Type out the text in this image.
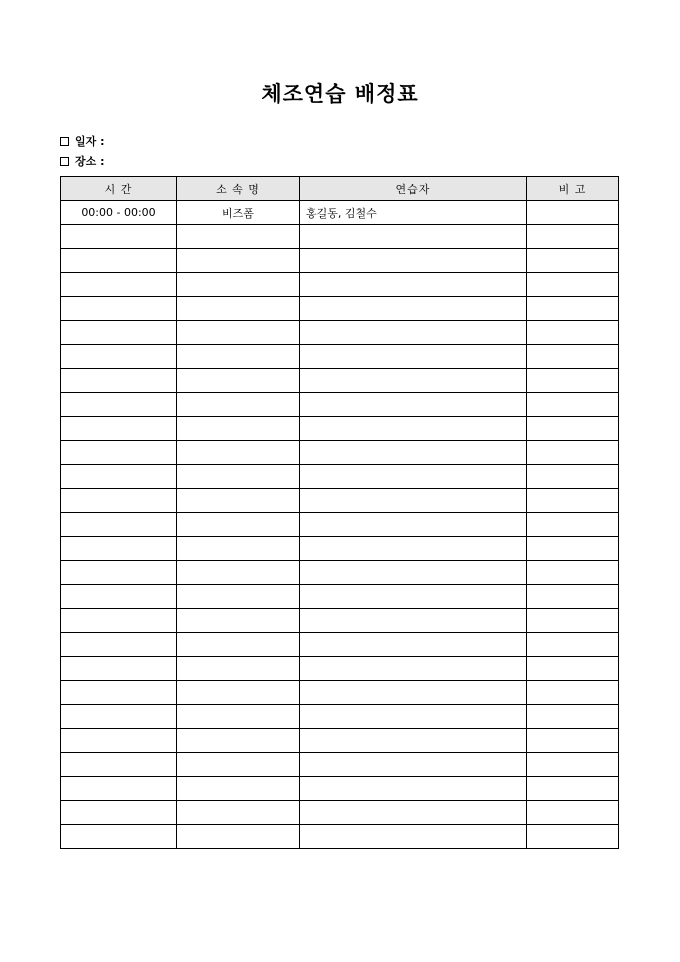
체조연습 배정표
일자 :
장소 :
시 간	소 속 명	연습자	비 고
00:00 - 00:00	비즈폼	홍길동, 김철수	
